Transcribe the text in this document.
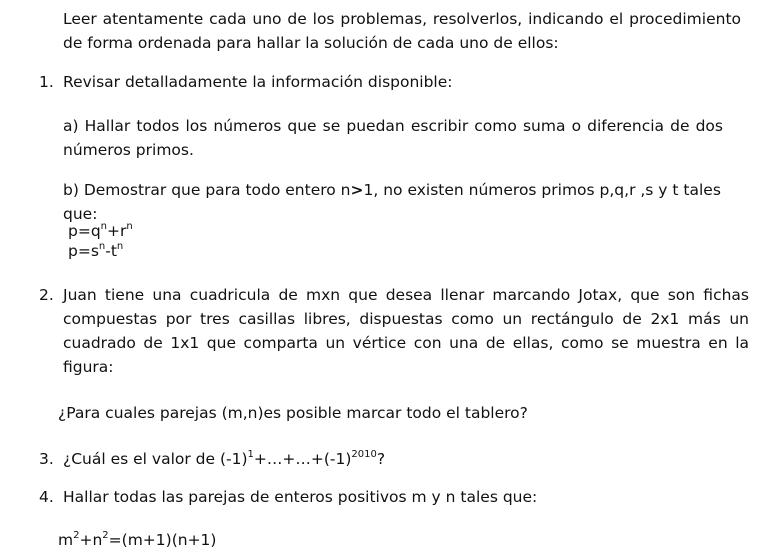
Leer atentamente cada uno de los problemas, resolverlos, indicando el procedimiento de forma ordenada para hallar la solución de cada uno de ellos:
1. Revisar detalladamente la información disponible:
a) Hallar todos los números que se puedan escribir como suma o diferencia de dos números primos.
b) Demostrar que para todo entero n>1, no existen números primos p,q,r ,s y t tales que:
$p=q^n+r^n$
$p=s^n-t^n$
2. Juan tiene una cuadricula de mxn que desea llenar marcando Jotax, que son fichas compuestas por tres casillas libres, dispuestas como un rectángulo de 2x1 más un cuadrado de 1x1 que comparta un vértice con una de ellas, como se muestra en la figura:
¿Para cuales parejas (m,n)es posible marcar todo el tablero?
3. ¿Cuál es el valor de $(-1)^1+\dots+\dots+(-1)^{2010}$?
4. Hallar todas las parejas de enteros positivos m y n tales que:
$m^2+n^2=(m+1)(n+1)$
